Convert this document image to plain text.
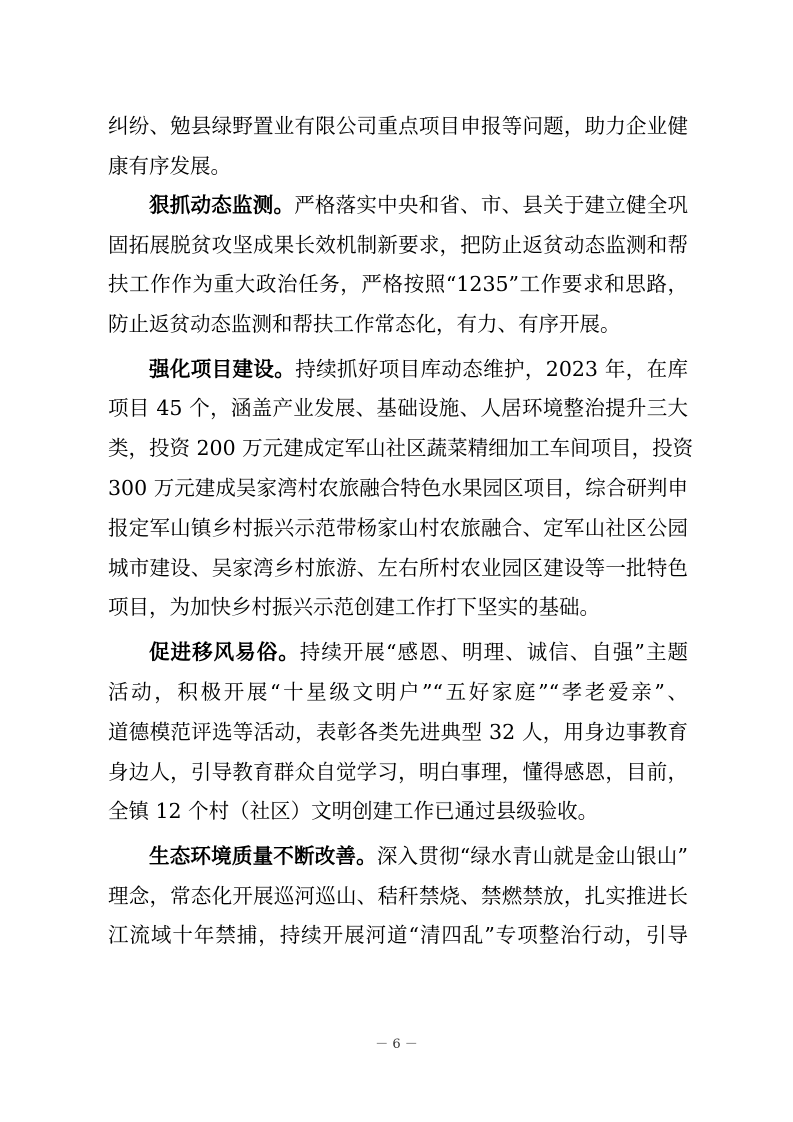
纠纷、勉县绿野置业有限公司重点项目申报等问题，助力企业健
康有序发展。
狠抓动态监测。严格落实中央和省、市、县关于建立健全巩
固拓展脱贫攻坚成果长效机制新要求，把防止返贫动态监测和帮
扶工作作为重大政治任务，严格按照“1235”工作要求和思路，
防止返贫动态监测和帮扶工作常态化，有力、有序开展。
强化项目建设。持续抓好项目库动态维护，2023 年，在库
项目 45 个，涵盖产业发展、基础设施、人居环境整治提升三大
类，投资 200 万元建成定军山社区蔬菜精细加工车间项目，投资
300 万元建成吴家湾村农旅融合特色水果园区项目，综合研判申
报定军山镇乡村振兴示范带杨家山村农旅融合、定军山社区公园
城市建设、吴家湾乡村旅游、左右所村农业园区建设等一批特色
项目，为加快乡村振兴示范创建工作打下坚实的基础。
促进移风易俗。持续开展“感恩、明理、诚信、自强”主题
活动，积极开展“十星级文明户”“五好家庭”“孝老爱亲”、
道德模范评选等活动，表彰各类先进典型 32 人，用身边事教育
身边人，引导教育群众自觉学习，明白事理，懂得感恩，目前，
全镇 12 个村（社区）文明创建工作已通过县级验收。
生态环境质量不断改善。深入贯彻“绿水青山就是金山银山”
理念，常态化开展巡河巡山、秸秆禁烧、禁燃禁放，扎实推进长
江流域十年禁捕，持续开展河道“清四乱”专项整治行动，引导
－ 6 －
